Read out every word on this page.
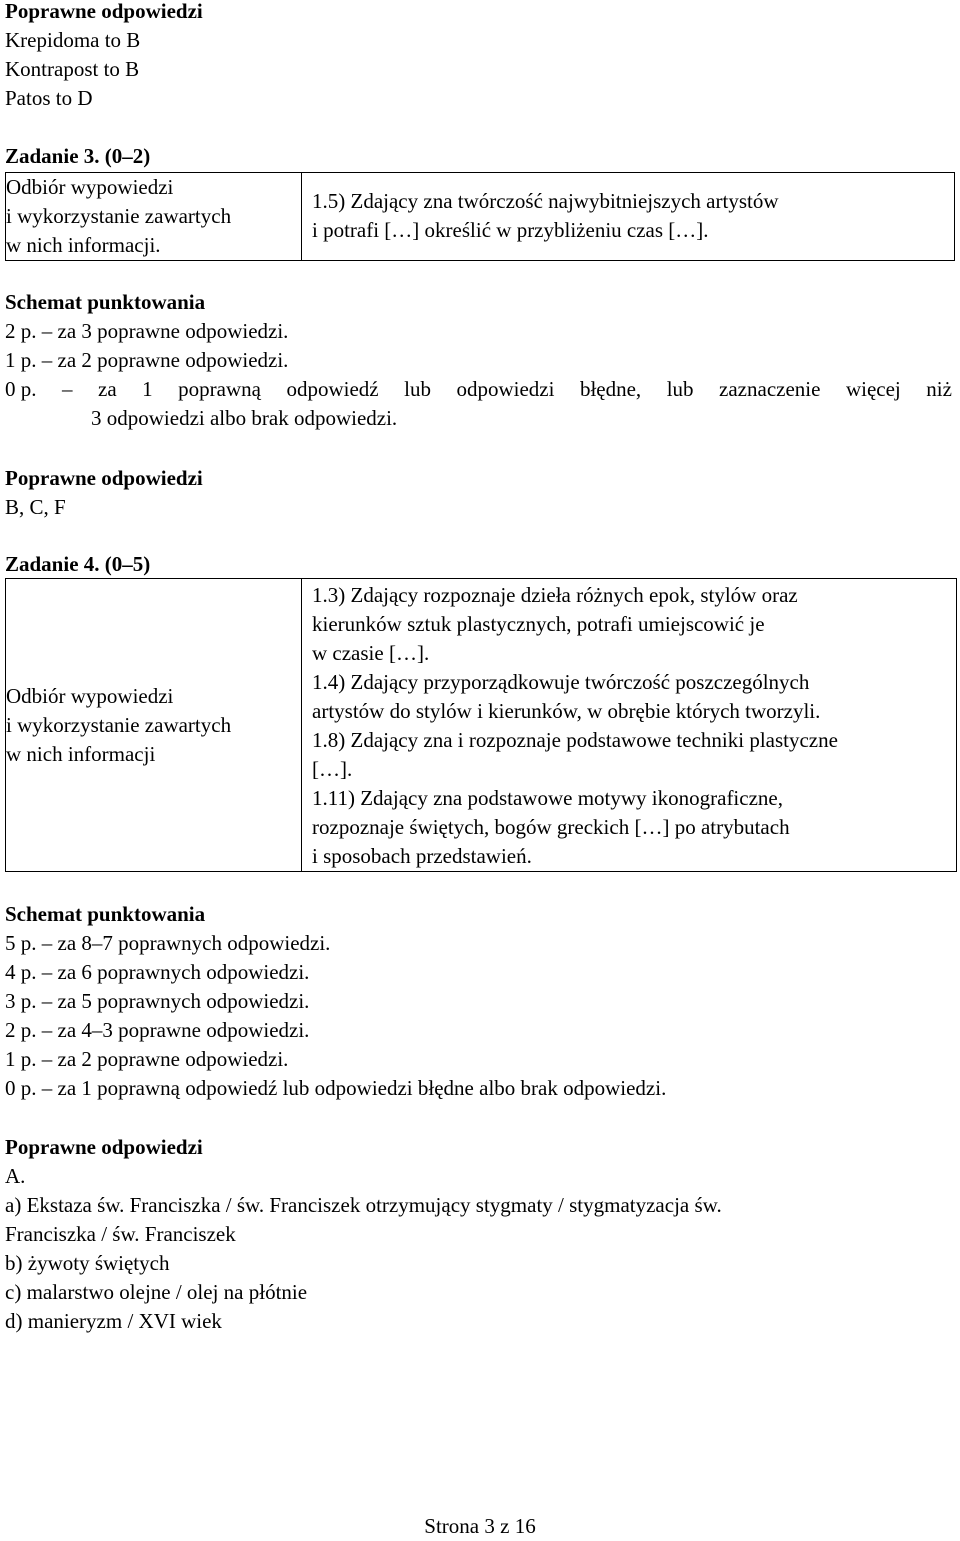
Poprawne odpowiedzi
Krepidoma to B
Kontrapost to B
Patos to D
Zadanie 3. (0–2)
Odbiór wypowiedzi
i wykorzystanie zawartych
w nich informacji.

1.5) Zdający zna twórczość najwybitniejszych artystów
i potrafi […] określić w przybliżeniu czas […].
Schemat punktowania
2 p. – za 3 poprawne odpowiedzi.
1 p. – za 2 poprawne odpowiedzi.
0 p. – za 1 poprawną odpowiedź lub odpowiedzi błędne, lub zaznaczenie więcej niż
3 odpowiedzi albo brak odpowiedzi.
Poprawne odpowiedzi
B, C, F
Zadanie 4. (0–5)
Odbiór wypowiedzi
i wykorzystanie zawartych
w nich informacji

1.3) Zdający rozpoznaje dzieła różnych epok, stylów oraz
kierunków sztuk plastycznych, potrafi umiejscowić je
w czasie […].
1.4) Zdający przyporządkowuje twórczość poszczególnych
artystów do stylów i kierunków, w obrębie których tworzyli.
1.8) Zdający zna i rozpoznaje podstawowe techniki plastyczne
[…].
1.11) Zdający zna podstawowe motywy ikonograficzne,
rozpoznaje świętych, bogów greckich […] po atrybutach
i sposobach przedstawień.
Schemat punktowania
5 p. – za 8–7 poprawnych odpowiedzi.
4 p. – za 6 poprawnych odpowiedzi.
3 p. – za 5 poprawnych odpowiedzi.
2 p. – za 4–3 poprawne odpowiedzi.
1 p. – za 2 poprawne odpowiedzi.
0 p. – za 1 poprawną odpowiedź lub odpowiedzi błędne albo brak odpowiedzi.
Poprawne odpowiedzi
A.
a) Ekstaza św. Franciszka / św. Franciszek otrzymujący stygmaty / stygmatyzacja św.
Franciszka / św. Franciszek
b) żywoty świętych
c) malarstwo olejne / olej na płótnie
d) manieryzm / XVI wiek
Strona 3 z 16
